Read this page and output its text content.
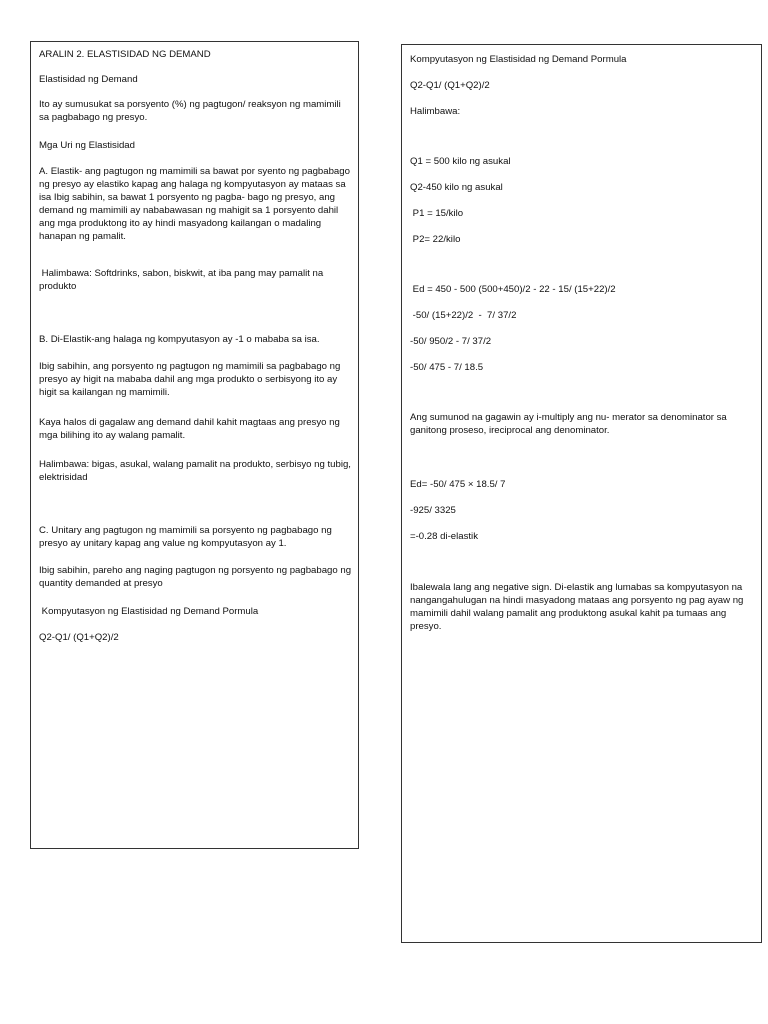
ARALIN 2. ELASTISIDAD NG DEMAND
Elastisidad ng Demand
Ito ay sumusukat sa porsyento (%) ng pagtugon/ reaksyon ng mamimili sa pagbabago ng presyo.
Mga Uri ng Elastisidad
A. Elastik- ang pagtugon ng mamimili sa bawat por syento ng pagbabago ng presyo ay elastiko kapag ang halaga ng kompyutasyon ay mataas sa isa Ibig sabihin, sa bawat 1 porsyento ng pagba- bago ng presyo, ang demand ng mamimili ay nababawasan ng mahigit sa 1 porsyento dahil ang mga produktong ito ay hindi masyadong kailangan o madaling hanapan ng pamalit.
Halimbawa: Softdrinks, sabon, biskwit, at iba pang may pamalit na produkto
B. Di-Elastik-ang halaga ng kompyutasyon ay -1 o mababa sa isa.
Ibig sabihin, ang porsyento ng pagtugon ng mamimili sa pagbabago ng presyo ay higit na mababa dahil ang mga produkto o serbisyong ito ay higit sa kailangan ng mamimili.
Kaya halos di gagalaw ang demand dahil kahit magtaas ang presyo ng mga bilihing ito ay walang pamalit.
Halimbawa: bigas, asukal, walang pamalit na produkto, serbisyo ng tubig, elektrisidad
C. Unitary ang pagtugon ng mamimili sa porsyento ng pagbabago ng presyo ay unitary kapag ang value ng kompyutasyon ay 1.
Ibig sabihin, pareho ang naging pagtugon ng porsyento ng pagbabago ng quantity demanded at presyo
Kompyutasyon ng Elastisidad ng Demand Pormula
Q2-Q1/ (Q1+Q2)/2
Kompyutasyon ng Elastisidad ng Demand Pormula
Q2-Q1/ (Q1+Q2)/2
Halimbawa:
Q1 = 500 kilo ng asukal
Q2-450 kilo ng asukal
P1 = 15/kilo
P2= 22/kilo
Ed = 450 - 500 (500+450)/2 - 22 - 15/ (15+22)/2
-50/ (15+22)/2  -  7/ 37/2
-50/ 950/2 - 7/ 37/2
-50/ 475 - 7/ 18.5
Ang sumunod na gagawin ay i-multiply ang nu- merator sa denominator sa ganitong proseso, ireciprocal ang denominator.
Ed= -50/ 475 × 18.5/ 7
-925/ 3325
=-0.28 di-elastik
Ibalewala lang ang negative sign. Di-elastik ang lumabas sa kompyutasyon na nangangahulugan na hindi masyadong mataas ang porsyento ng pag ayaw ng mamimili dahil walang pamalit ang produktong asukal kahit pa tumaas ang presyo.
